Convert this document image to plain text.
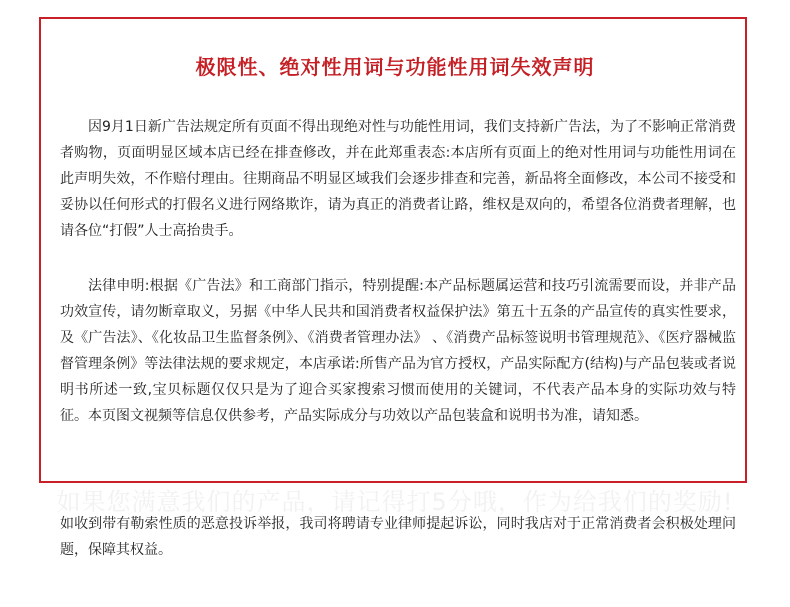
极限性、绝对性用词与功能性用词失效声明
因9月1日新广告法规定所有页面不得出现绝对性与功能性用词，我们支持新广告法，为了不影响正常消费者购物，页面明显区域本店已经在排查修改，并在此郑重表态:本店所有页面上的绝对性用词与功能性用词在此声明失效，不作赔付理由。往期商品不明显区域我们会逐步排查和完善，新品将全面修改，本公司不接受和妥协以任何形式的打假名义进行网络欺诈，请为真正的消费者让路，维权是双向的，希望各位消费者理解，也请各位“打假”人士高抬贵手。
法律申明:根据《广告法》和工商部门指示，特别提醒:本产品标题属运营和技巧引流需要而设，并非产品功效宣传，请勿断章取义，另据《中华人民共和国消费者权益保护法》第五十五条的产品宣传的真实性要求，及《广告法》、《化妆品卫生监督条例》、《消费者管理办法》 、《消费产品标签说明书管理规范》、《医疗器械监督管理条例》等法律法规的要求规定，本店承诺:所售产品为官方授权，产品实际配方(结构)与产品包装或者说明书所述一致,宝贝标题仅仅只是为了迎合买家搜索习惯而使用的关键词，不代表产品本身的实际功效与特征。本页图文视频等信息仅供参考，产品实际成分与功效以产品包装盒和说明书为准，请知悉。
如果您满意我们的产品，请记得打5分哦，作为给我们的奖励!
如收到带有勒索性质的恶意投诉举报，我司将聘请专业律师提起诉讼，同时我店对于正常消费者会积极处理问题，保障其权益。
